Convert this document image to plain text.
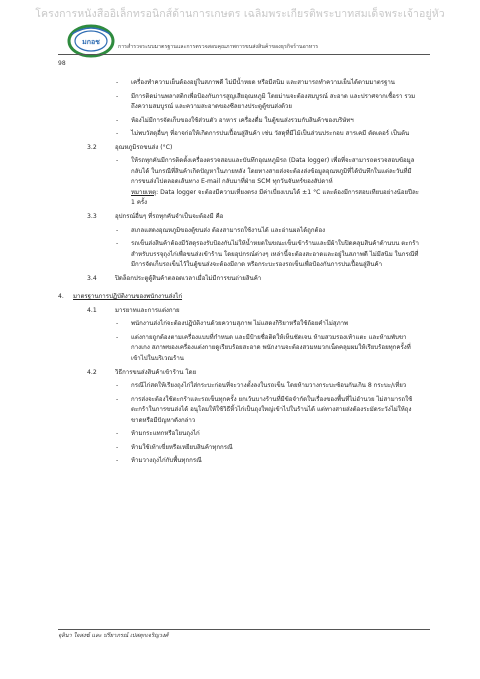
โครงการหนังสืออิเล็กทรอนิกส์ด้านการเกษตร เฉลิมพระเกียรติพระบาทสมเด็จพระเจ้าอยู่หัว
มกอช
การสำรวจระบบมาตรฐานและการตรวจสอบคุณภาพการขนส่งสินค้าของธุรกิจร้านอาหาร
98
- เครื่องทำความเย็นต้องอยู่ในสภาพดี ไม่มีน้ำหยด หรือมีสนิม และสามารถทำความเย็นได้ตามมาตรฐาน
- มีการติดม่านพลาสติกเพื่อป้องกันการสูญเสียอุณหภูมิ โดยม่านจะต้องสมบูรณ์ สะอาด และปราศจากเชื้อรา รวมถึงความสมบูรณ์ และความสะอาดของซีลยางประตูตู้ขนส่งด้วย
- ห้องไม่มีการจัดเก็บของใช้ส่วนตัว อาหาร เครื่องดื่ม ในตู้ขนส่งรวมกับสินค้าของบริษัทฯ
- ไม่พบวัสดุอื่นๆ ที่อาจก่อให้เกิดการปนเปื้อนสู่สินค้า เช่น วัสดุที่มีไม้เป็นส่วนประกอบ สารเคมี ตัดเตอร์ เป็นต้น
3.2	อุณหภูมิรถขนส่ง (°C)
- ให้รถทุกคันมีการติดตั้งเครื่องตรวจสอบและบันทึกอุณหภูมิรถ (Data logger) เพื่อที่จะสามารถตรวจสอบข้อมูลกลับได้ ในกรณีที่สินค้าเกิดปัญหาในภายหลัง โดยทางสายส่งจะต้องส่งข้อมูลอุณหภูมิที่ได้บันทึกในแต่ละวันที่มีการขนส่งไปตลอดเส้นทาง E-mail กลับมาที่ฝ่าย SCM ทุกวันจันทร์ของสัปดาห์
หมายเหตุ: Data logger จะต้องมีความเที่ยงตรง มีค่าเบี่ยงเบนได้ ±1 °C และต้องมีการสอบเทียบอย่างน้อยปีละ 1 ครั้ง
3.3	อุปกรณ์อื่นๆ ที่รถทุกคันจำเป็นจะต้องมี คือ
- สเกลแสดงอุณหภูมิของตู้ขนส่ง ต้องสามารถใช้งานได้ และอ่านผลได้ถูกต้อง
- รถเข็นส่งสินค้าต้องมีวัสดุรองรับป้องกันไม่ให้น้ำหยดในขณะเข็นเข้าร้านและมีผ้าใบปิดคลุมสินค้าด้านบน ตะกร้าสำหรับบรรจุถุงไก่เพื่อขนส่งเข้าร้าน โดยอุปกรณ์ต่างๆ เหล่านี้จะต้องสะอาดและอยู่ในสภาพดี ไม่มีสนิม ในกรณีที่มีการจัดเก็บรถเข็นไว้ในตู้ขนส่งจะต้องมีถาด หรือกระบะรองรถเข็นเพื่อป้องกันการปนเปื้อนสู่สินค้า
3.4	ปิดล็อกประตูตู้สินค้าตลอดเวลาเมื่อไม่มีการขนถ่ายสินค้า
4. มาตรฐานการปฏิบัติงานของพนักงานส่งไก่
4.1	มารยาทและการแต่งกาย
- พนักงานส่งไก่จะต้องปฏิบัติงานด้วยความสุภาพ ไม่แสดงกิริยาหรือใช้ถ้อยคำไม่สุภาพ
- แต่งกายถูกต้องตามเครื่องแบบที่กำหนด และมีป้ายชื่อติดให้เห็นชัดเจน ห้ามสวมรองเท้าแตะ และห้ามพับขากางเกง สภาพของเครื่องแต่งกายดูเรียบร้อยสะอาด พนักงานจะต้องสวมหมวกเน็ตคลุมผมให้เรียบร้อยทุกครั้งที่เข้าไปในบริเวณร้าน
4.2	วิธีการขนส่งสินค้าเข้าร้าน โดย
- กรณีไก่สดให้เรียงถุงไก่ใส่กระบะก่อนที่จะวางตั้งลงในรถเข็น โดยห้ามวางกระบะซ้อนกันเกิน 8 กระบะ/เที่ยว
- การส่งจะต้องใช้ตะกร้าและรถเข็นทุกครั้ง ยกเว้นบางร้านที่มีข้อจำกัดในเรื่องของพื้นที่ไม่อำนวย ไม่สามารถใช้ตะกร้าในการขนส่งได้ อนุโลมให้ใช้วิธีหิ้วไก่เป็นถุงใหญ่เข้าไปในร้านได้ แต่ทางสายส่งต้องระมัดระวังไม่ให้ถุงขาดหรือมีปัญหาดังกล่าว
- ห้ามกระแทกหรือโยนถุงไก่
- ห้ามใช้เท้าเขี่ยหรือเหยียบสินค้าทุกกรณี
- ห้ามวางถุงไก่กับพื้นทุกกรณี
จุลินา ใจสงฆ์ และ ปรียาภรณ์ เปสตุกเจริญวงศ์
